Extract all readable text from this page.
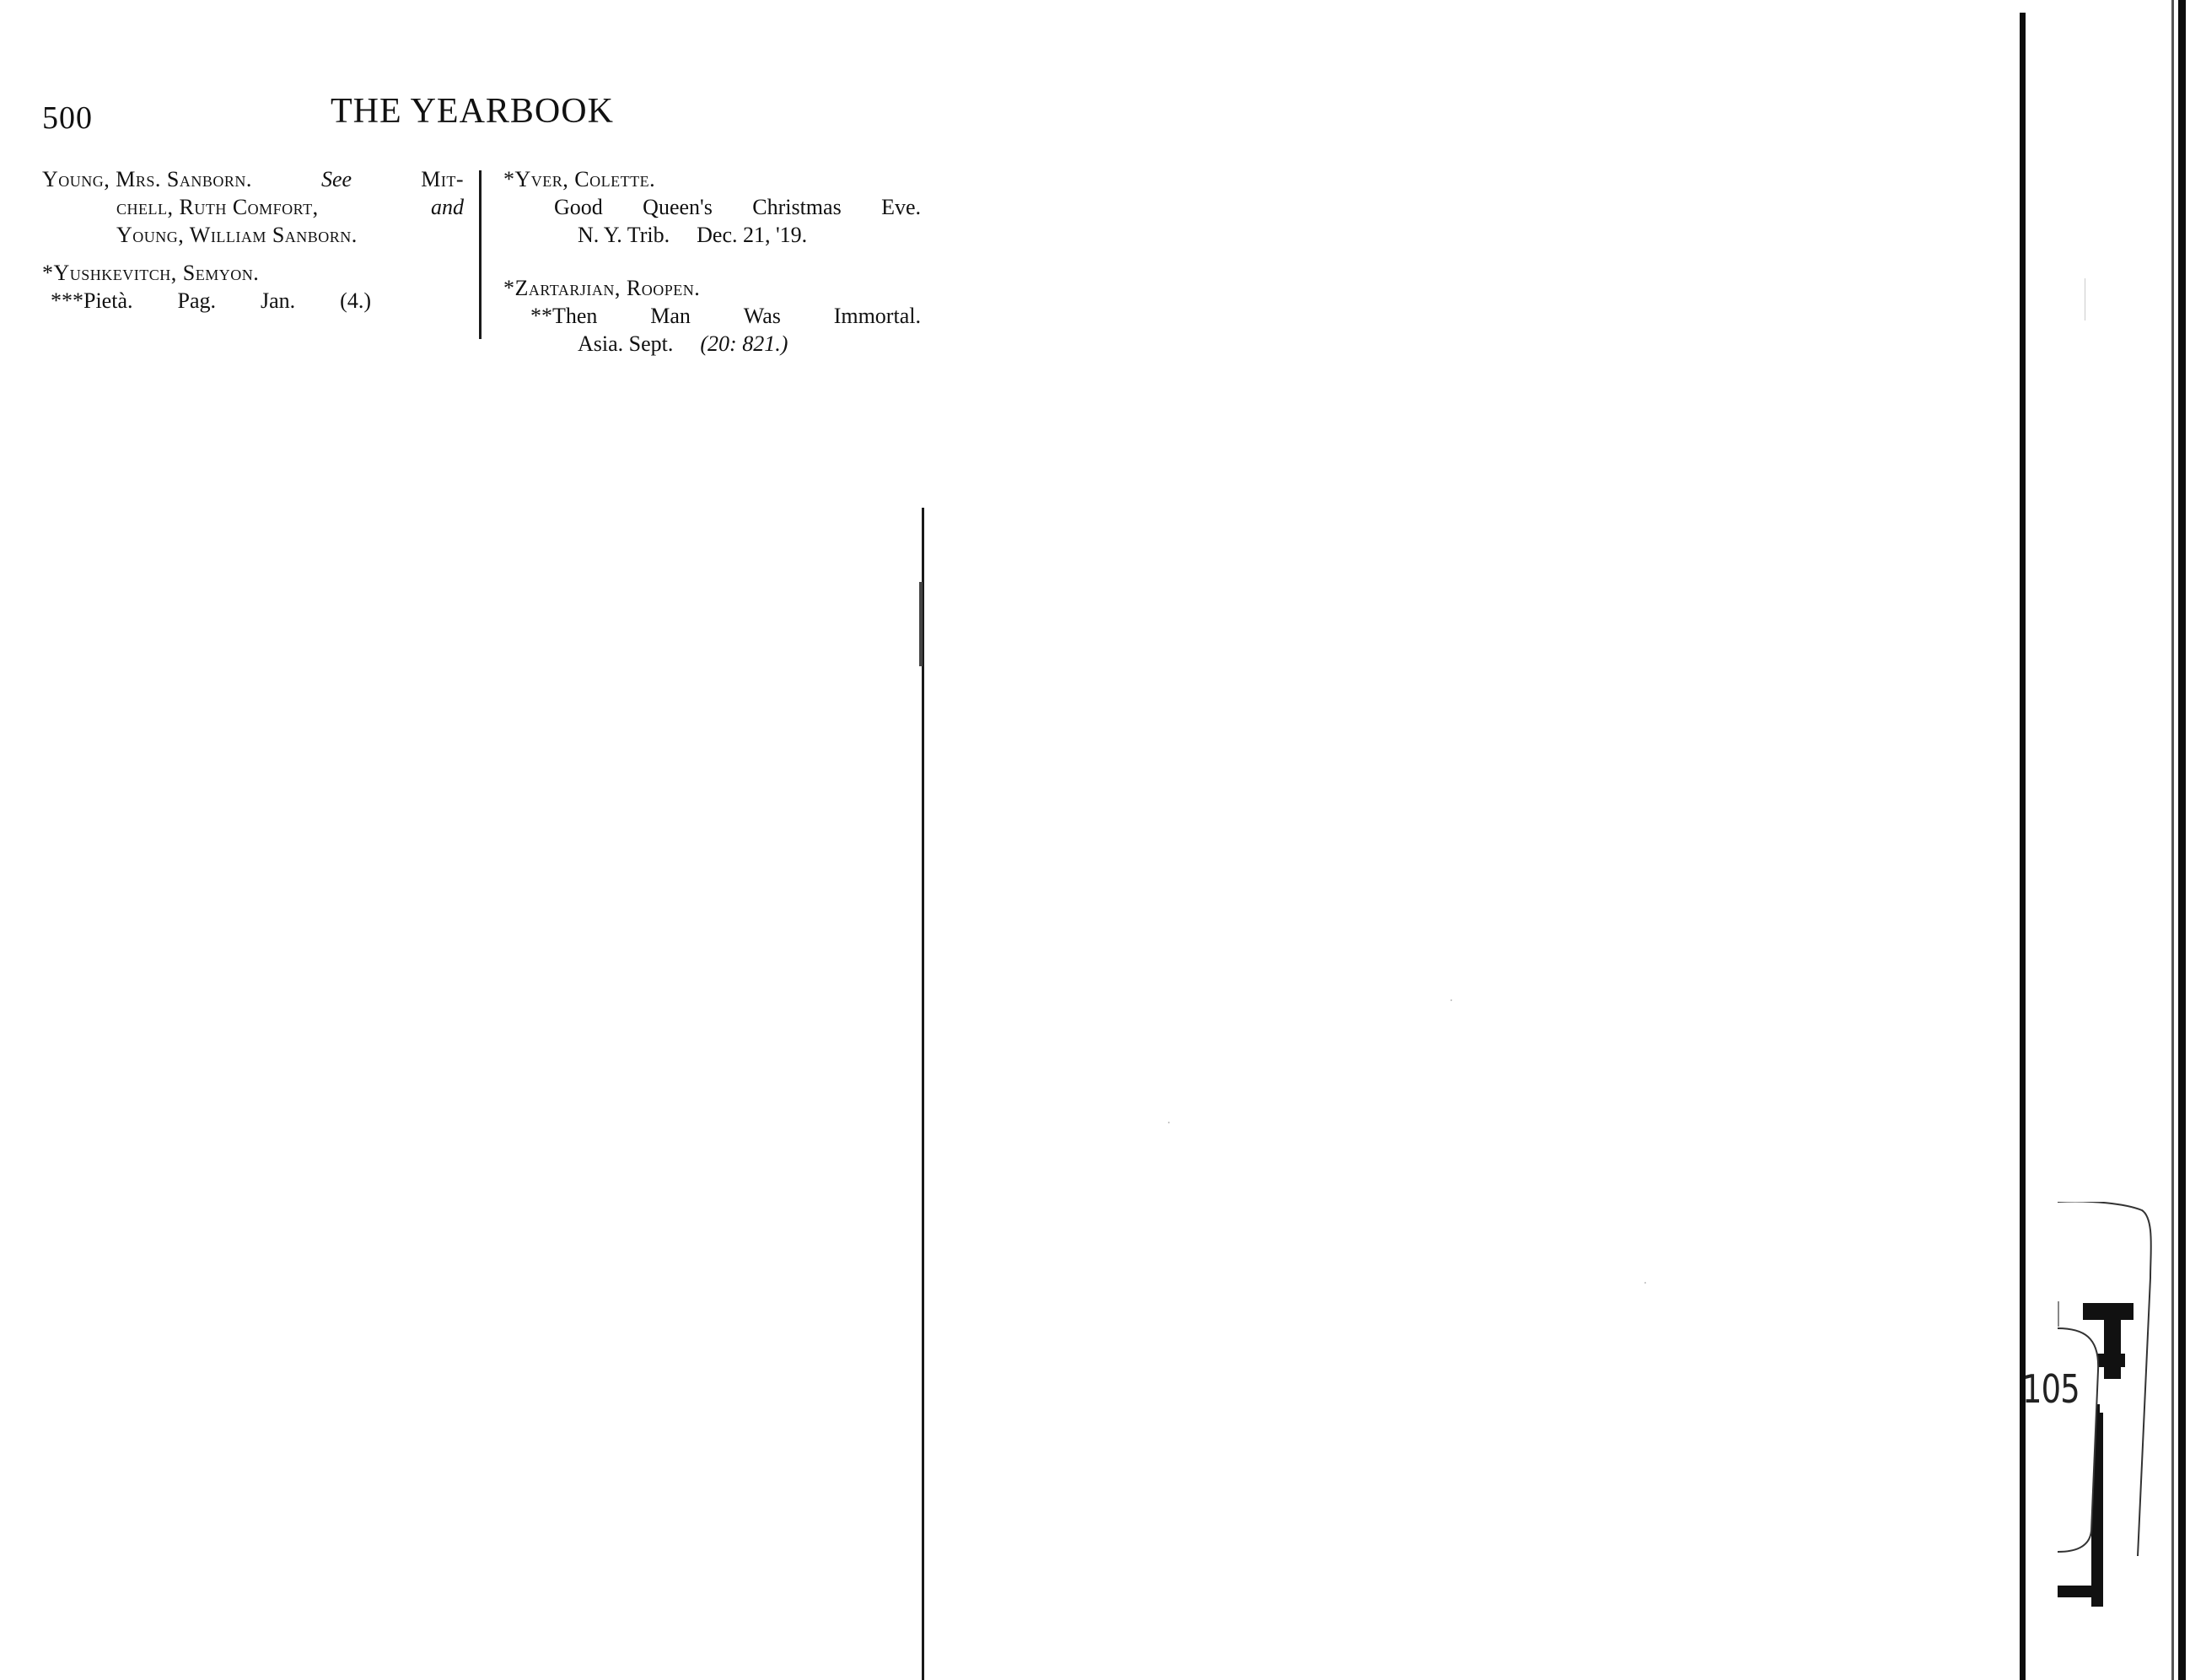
500	THE YEARBOOK
Young, Mrs. Sanborn.	See	Mit-
chell, Ruth Comfort,	and
Young, William Sanborn.
*Yushkevitch, Semyon.
***Pietà. Pag. Jan. (4.)
*Yver, Colette.
Good Queen's Christmas Eve.
N. Y. Trib. Dec. 21, '19.
*Zartarjian, Roopen.
**Then Man Was Immortal.
Asia. Sept. (20: 821.)
105
